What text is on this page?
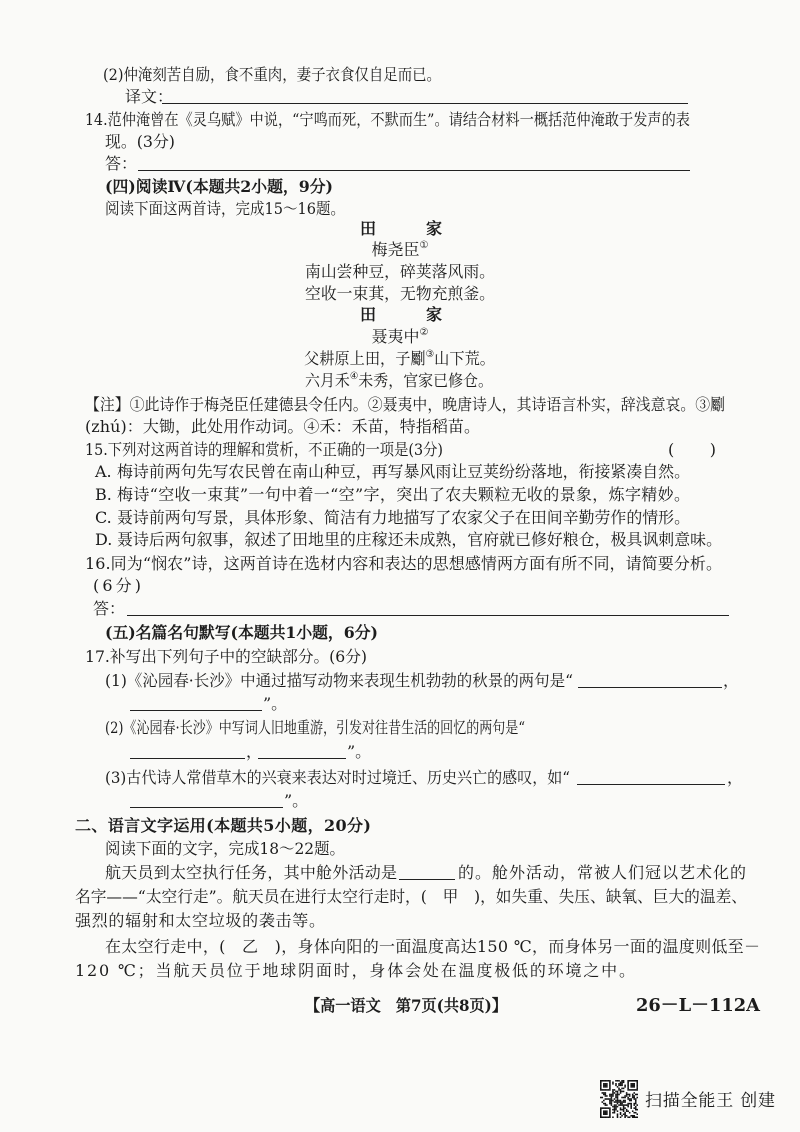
(2)仲淹刻苦自励，食不重肉，妻子衣食仅自足而已。
译文：
14.范仲淹曾在《灵乌赋》中说，“宁鸣而死，不默而生”。请结合材料一概括范仲淹敢于发声的表
现。(3分)
答：
(四)阅读Ⅳ(本题共2小题，9分)
阅读下面这两首诗，完成15～16题。
田家
梅尧臣①
南山尝种豆，碎荚落风雨。
空收一束萁，无物充煎釜。
田家
聂夷中②
父耕原上田，子劚③山下荒。
六月禾④未秀，官家已修仓。
【注】①此诗作于梅尧臣任建德县令任内。②聂夷中，晚唐诗人，其诗语言朴实，辞浅意哀。③劚
(zhú)：大锄，此处用作动词。④禾：禾苗，特指稻苗。
15.下列对这两首诗的理解和赏析，不正确的一项是(3分)	(　　)
A. 梅诗前两句先写农民曾在南山种豆，再写暴风雨让豆荚纷纷落地，衔接紧凑自然。
B. 梅诗“空收一束萁”一句中着一“空”字，突出了农夫颗粒无收的景象，炼字精妙。
C. 聂诗前两句写景，具体形象、简洁有力地描写了农家父子在田间辛勤劳作的情形。
D. 聂诗后两句叙事，叙述了田地里的庄稼还未成熟，官府就已修好粮仓，极具讽刺意味。
16.同为“悯农”诗，这两首诗在选材内容和表达的思想感情两方面有所不同，请简要分析。
(6分)
答：
(五)名篇名句默写(本题共1小题，6分)
17.补写出下列句子中的空缺部分。(6分)
(1)《沁园春·长沙》中通过描写动物来表现生机勃勃的秋景的两句是“	，
”。
(2)《沁园春·长沙》中写词人旧地重游，引发对往昔生活的回忆的两句是“
，	”。
(3)古代诗人常借草木的兴衰来表达对时过境迁、历史兴亡的感叹，如“	，
”。
二、语言文字运用(本题共5小题，20分)
阅读下面的文字，完成18～22题。
航天员到太空执行任务，其中舱外活动是	的。舱外活动，常被人们冠以艺术化的
名字——“太空行走”。航天员在进行太空行走时，(　甲　)，如失重、失压、缺氧、巨大的温差、
强烈的辐射和太空垃圾的袭击等。
在太空行走中，(　乙　)，身体向阳的一面温度高达150 ℃，而身体另一面的温度则低至－
120 ℃；当航天员位于地球阴面时，身体会处在温度极低的环境之中。
【高一语文　第7页(共8页)】	26－L－112A
扫描全能王 创建
